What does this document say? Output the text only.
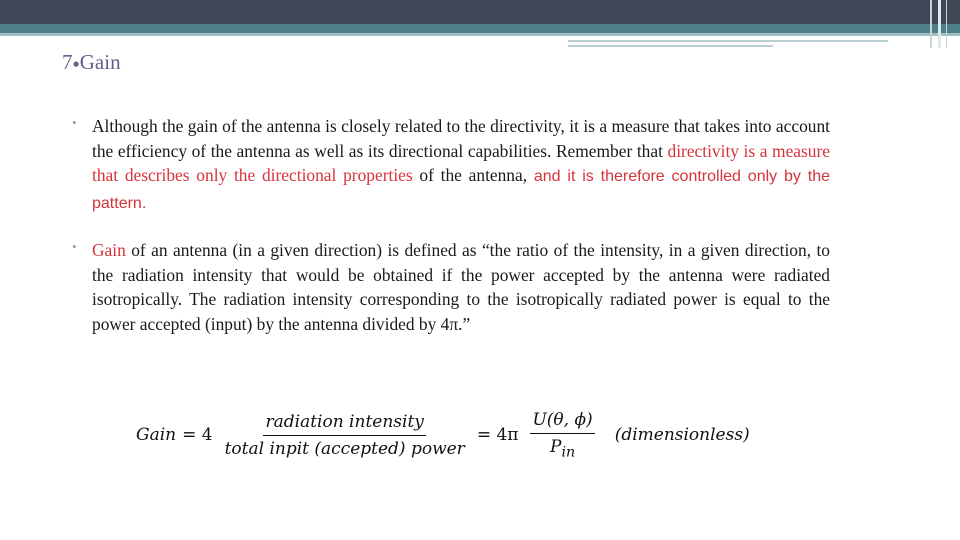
7●Gain
• Although the gain of the antenna is closely related to the directivity, it is a measure that takes into account the efficiency of the antenna as well as its directional capabilities. Remember that directivity is a measure that describes only the directional properties of the antenna, and it is therefore controlled only by the pattern.
• Gain of an antenna (in a given direction) is defined as “the ratio of the intensity, in a given direction, to the radiation intensity that would be obtained if the power accepted by the antenna were radiated isotropically. The radiation intensity corresponding to the isotropically radiated power is equal to the power accepted (input) by the antenna divided by 4π.”
Gain = $4 \frac{\text{radiation intensity}}{\text{total inpit (accepted) power}} = 4\pi \frac{U(\theta, \phi)}{P_{in}}$ (dimensionless)
